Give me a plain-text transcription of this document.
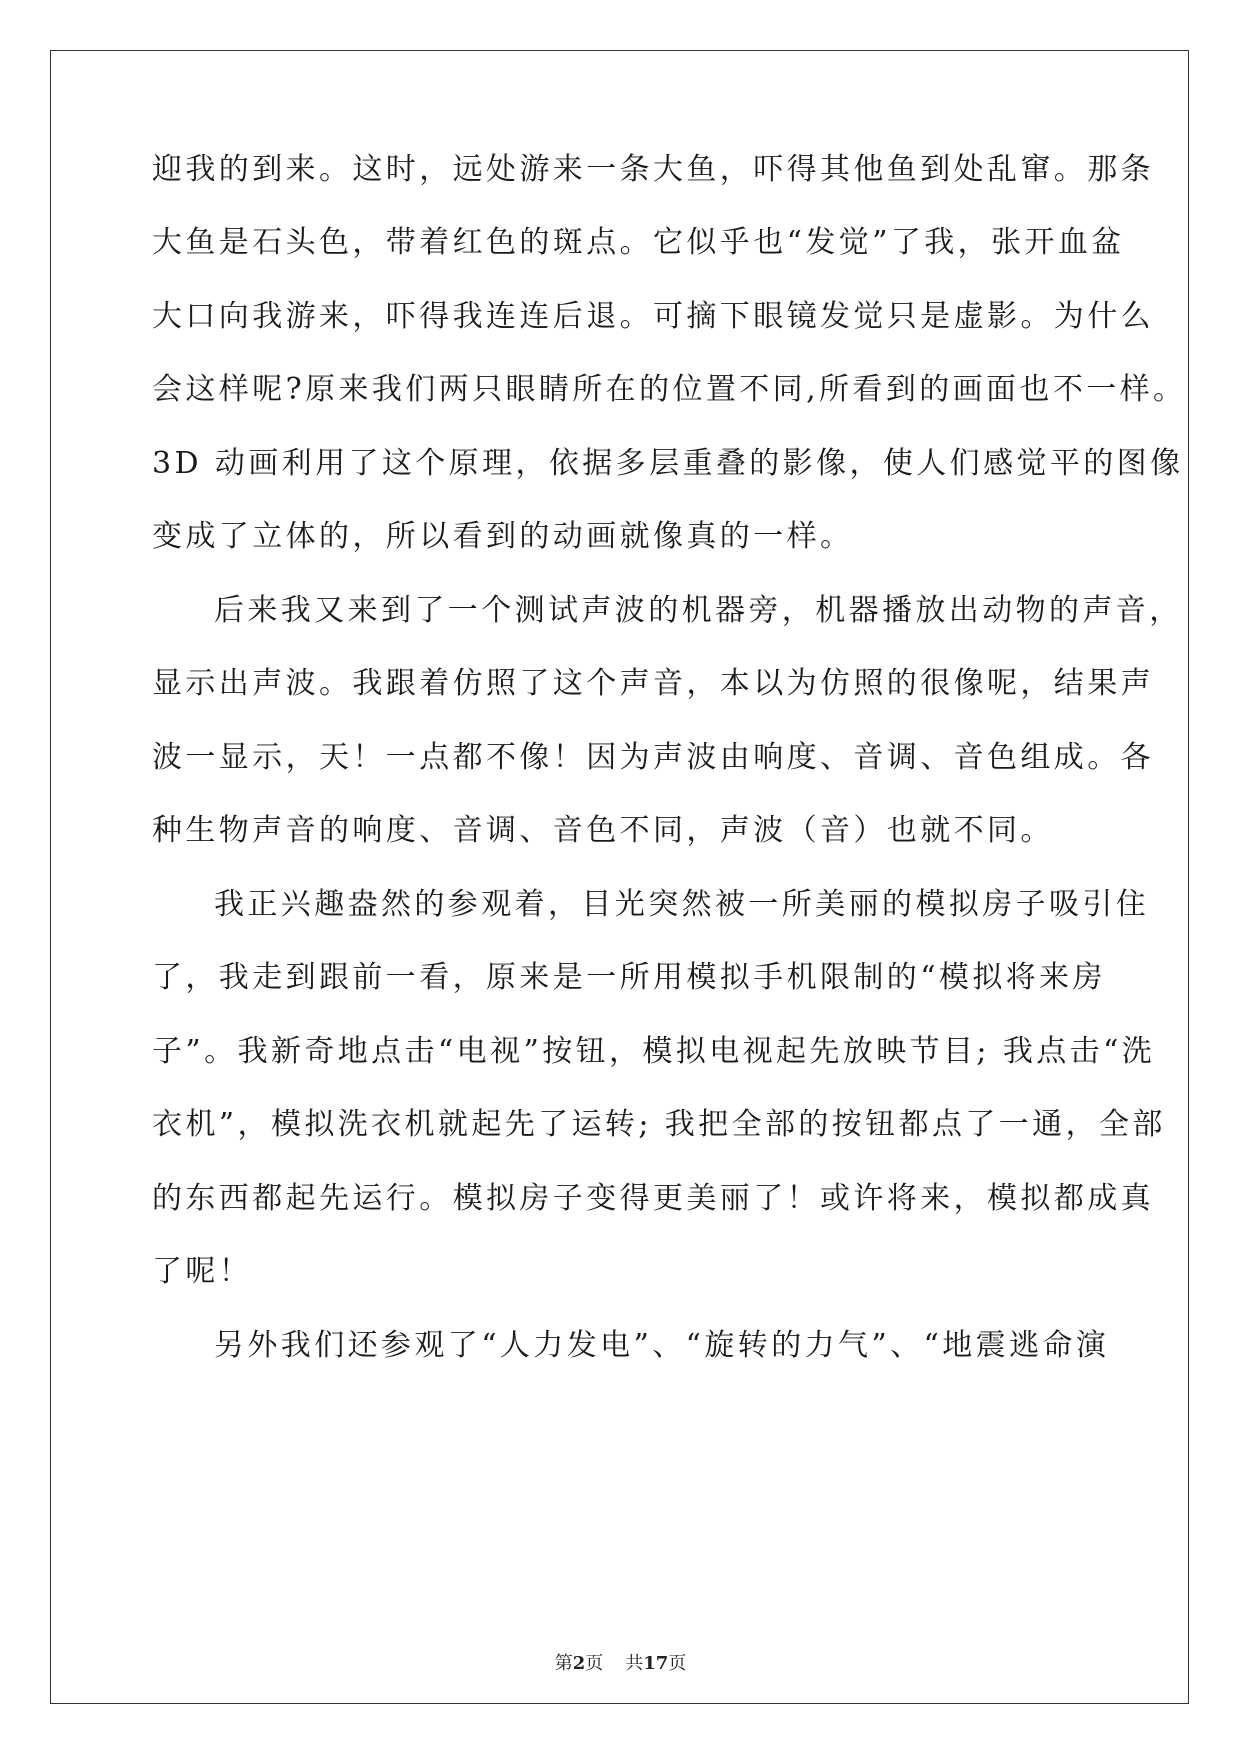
迎我的到来。这时，远处游来一条大鱼，吓得其他鱼到处乱窜。那条
大鱼是石头色，带着红色的斑点。它似乎也“发觉”了我，张开血盆
大口向我游来，吓得我连连后退。可摘下眼镜发觉只是虚影。为什么
会这样呢?原来我们两只眼睛所在的位置不同,所看到的画面也不一样。
3D 动画利用了这个原理，依据多层重叠的影像，使人们感觉平的图像
变成了立体的，所以看到的动画就像真的一样。
后来我又来到了一个测试声波的机器旁，机器播放出动物的声音，
显示出声波。我跟着仿照了这个声音，本以为仿照的很像呢，结果声
波一显示，天！一点都不像！因为声波由响度、音调、音色组成。各
种生物声音的响度、音调、音色不同，声波（音）也就不同。
我正兴趣盎然的参观着，目光突然被一所美丽的模拟房子吸引住
了，我走到跟前一看，原来是一所用模拟手机限制的“模拟将来房
子”。我新奇地点击“电视”按钮，模拟电视起先放映节目; 我点击“洗
衣机”，模拟洗衣机就起先了运转; 我把全部的按钮都点了一通，全部
的东西都起先运行。模拟房子变得更美丽了！或许将来，模拟都成真
了呢！
另外我们还参观了“人力发电”、“旋转的力气”、“地震逃命演
第2页 共17页
